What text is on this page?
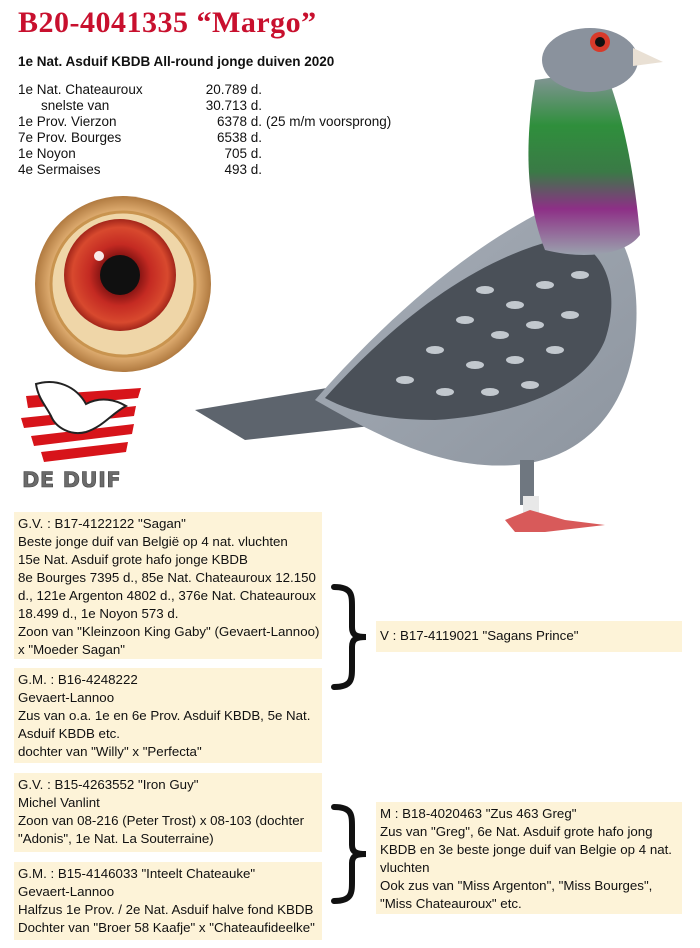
B20-4041335 “Margo”
1e Nat. Asduif KBDB All-round jonge duiven 2020
1e Nat. Chateauroux	20.789 d.
snelste van	30.713 d.
1e Prov. Vierzon	6378 d. (25 m/m voorsprong)
7e Prov. Bourges	6538 d.
1e Noyon	705 d.
4e Sermaises	493 d.
DE DUIF
G.V. : B17-4122122 "Sagan"
Beste jonge duif van België op 4 nat. vluchten
15e Nat. Asduif grote hafo jonge KBDB
8e Bourges 7395 d., 85e Nat. Chateauroux 12.150
d., 121e Argenton 4802 d., 376e Nat. Chateauroux
18.499 d., 1e Noyon 573 d.
Zoon van "Kleinzoon King Gaby" (Gevaert-Lannoo)
x "Moeder Sagan"
G.M. : B16-4248222
Gevaert-Lannoo
Zus van o.a. 1e en 6e Prov. Asduif KBDB, 5e Nat.
Asduif KBDB etc.
dochter van "Willy" x "Perfecta"
G.V. : B15-4263552 "Iron Guy"
Michel Vanlint
Zoon van 08-216 (Peter Trost) x 08-103 (dochter
"Adonis", 1e Nat. La Souterraine)
G.M. : B15-4146033 "Inteelt Chateauke"
Gevaert-Lannoo
Halfzus 1e Prov. / 2e Nat. Asduif halve fond KBDB
Dochter van "Broer 58 Kaafje" x "Chateaufideelke"
V : B17-4119021 "Sagans Prince"
M : B18-4020463 "Zus 463 Greg"
Zus van "Greg", 6e Nat. Asduif grote hafo jong
KBDB en 3e beste jonge duif van Belgie op 4 nat.
vluchten
Ook zus van "Miss Argenton", "Miss Bourges",
"Miss Chateauroux" etc.
